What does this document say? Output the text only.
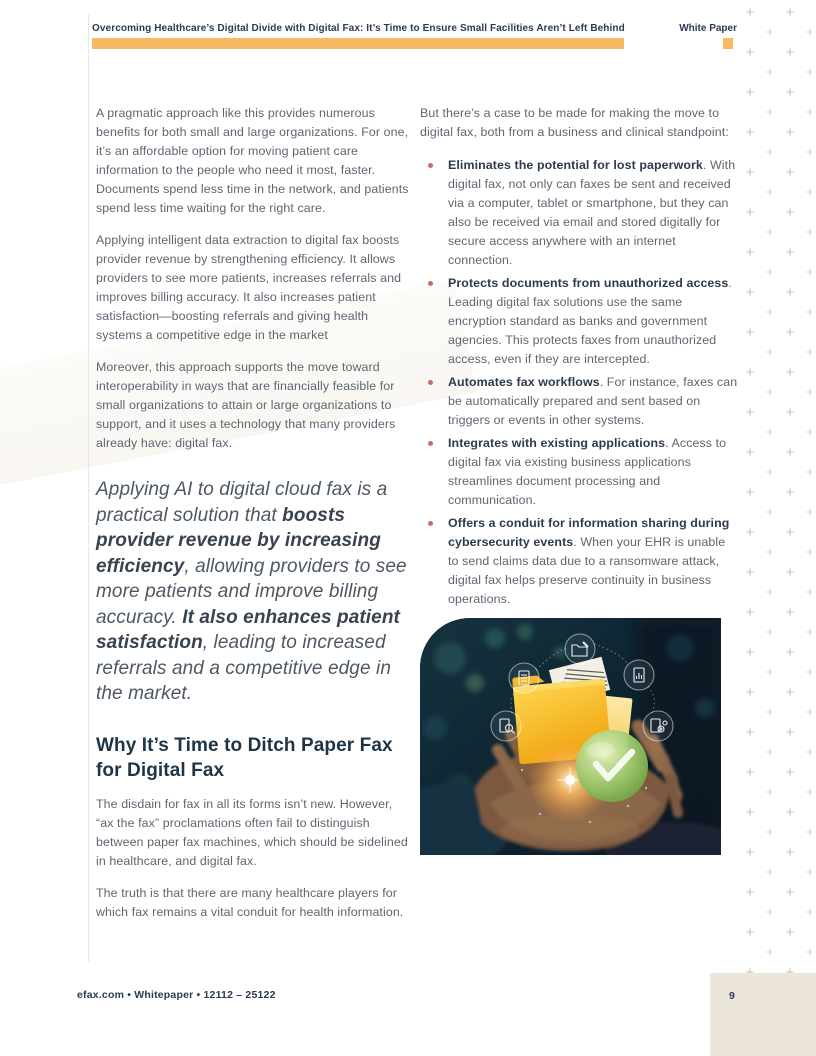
Overcoming Healthcare’s Digital Divide with Digital Fax: It’s Time to Ensure Small Facilities Aren’t Left Behind	White Paper

A pragmatic approach like this provides numerous benefits for both small and large organizations. For one, it’s an affordable option for moving patient care information to the people who need it most, faster. Documents spend less time in the network, and patients spend less time waiting for the right care.

Applying intelligent data extraction to digital fax boosts provider revenue by strengthening efficiency. It allows providers to see more patients, increases referrals and improves billing accuracy. It also increases patient satisfaction—boosting referrals and giving health systems a competitive edge in the market

Moreover, this approach supports the move toward interoperability in ways that are financially feasible for small organizations to attain or large organizations to support, and it uses a technology that many providers already have: digital fax.

Applying AI to digital cloud fax is a practical solution that boosts provider revenue by increasing efficiency, allowing providers to see more patients and improve billing accuracy. It also enhances patient satisfaction, leading to increased referrals and a competitive edge in the market.

Why It’s Time to Ditch Paper Fax for Digital Fax

The disdain for fax in all its forms isn’t new. However, “ax the fax” proclamations often fail to distinguish between paper fax machines, which should be sidelined in healthcare, and digital fax.

The truth is that there are many healthcare players for which fax remains a vital conduit for health information.

But there’s a case to be made for making the move to digital fax, both from a business and clinical standpoint:

Eliminates the potential for lost paperwork. With digital fax, not only can faxes be sent and received via a computer, tablet or smartphone, but they can also be received via email and stored digitally for secure access anywhere with an internet connection.
Protects documents from unauthorized access. Leading digital fax solutions use the same encryption standard as banks and government agencies. This protects faxes from unauthorized access, even if they are intercepted.
Automates fax workflows. For instance, faxes can be automatically prepared and sent based on triggers or events in other systems.
Integrates with existing applications. Access to digital fax via existing business applications streamlines document processing and communication.
Offers a conduit for information sharing during cybersecurity events. When your EHR is unable to send claims data due to a ransomware attack, digital fax helps preserve continuity in business operations.
efax.com • Whitepaper • 12112 – 25122	9
